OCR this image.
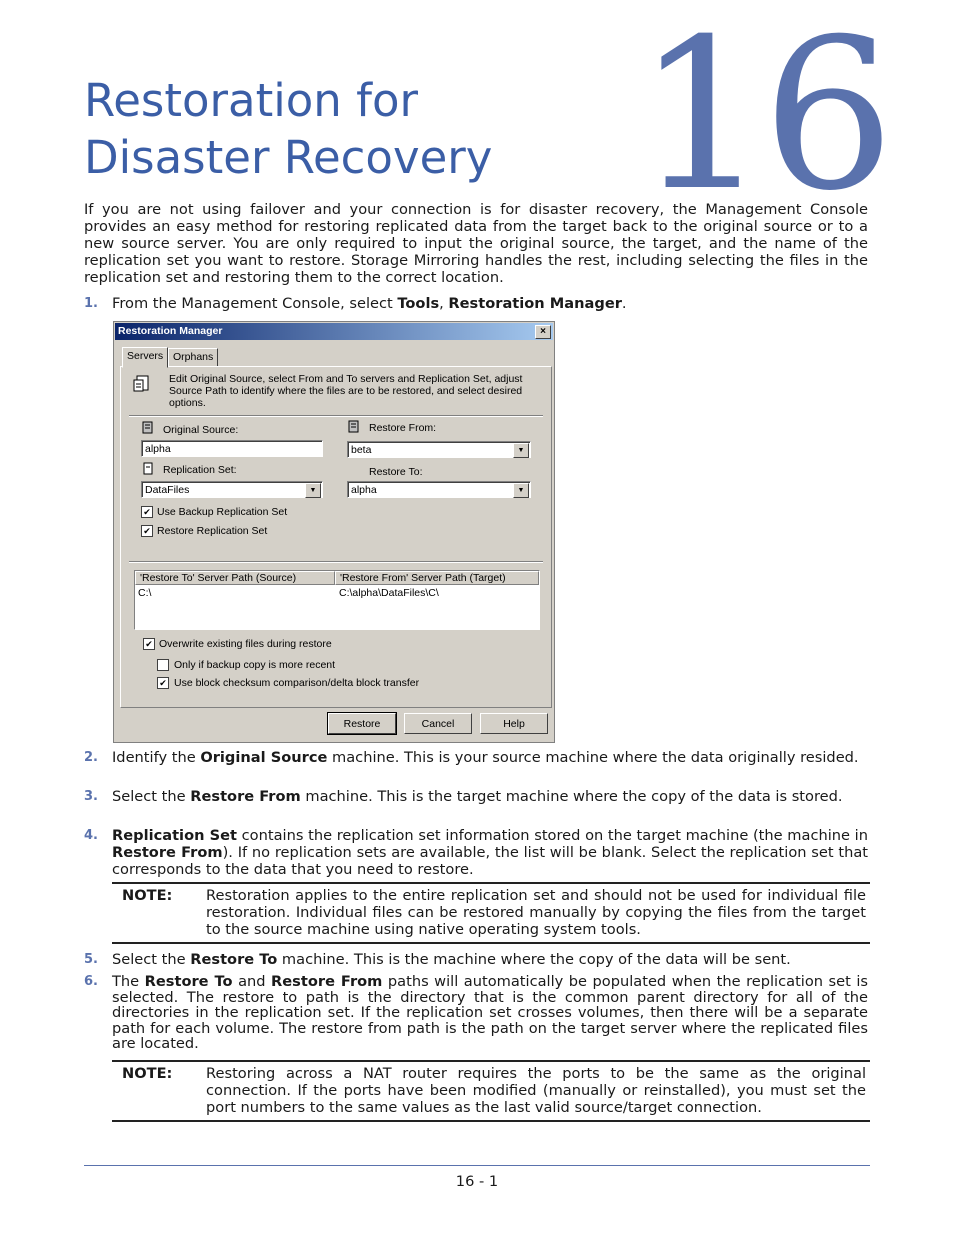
16
Restoration for
Disaster Recovery
If you are not using failover and your connection is for disaster recovery, the Management Console provides an easy method for restoring replicated data from the target back to the original source or to a new source server. You are only required to input the original source, the target, and the name of the replication set you want to restore. Storage Mirroring handles the rest, including selecting the files in the replication set and restoring them to the correct location.
1. From the Management Console, select Tools, Restoration Manager.
Restoration Manager	×
Servers Orphans
Edit Original Source, select From and To servers and Replication Set, adjust
Source Path to identify where the files are to be restored, and select desired
options.
Original Source:
alpha
Restore From:
beta	▼
Replication Set:
DataFiles	▼
Restore To:
alpha	▼
✔ Use Backup Replication Set
✔ Restore Replication Set
'Restore To' Server Path (Source)	'Restore From' Server Path (Target)
C:\	C:\alpha\DataFiles\C\
✔ Overwrite existing files during restore
Only if backup copy is more recent
✔ Use block checksum comparison/delta block transfer
Restore	Cancel	Help
2. Identify the Original Source machine. This is your source machine where the data originally resided.
3. Select the Restore From machine. This is the target machine where the copy of the data is stored.
4. Replication Set contains the replication set information stored on the target machine (the machine in Restore From). If no replication sets are available, the list will be blank. Select the replication set that corresponds to the data that you need to restore.
NOTE: Restoration applies to the entire replication set and should not be used for individual file restoration. Individual files can be restored manually by copying the files from the target to the source machine using native operating system tools.
5. Select the Restore To machine. This is the machine where the copy of the data will be sent.
6. The Restore To and Restore From paths will automatically be populated when the replication set is selected. The restore to path is the directory that is the common parent directory for all of the directories in the replication set. If the replication set crosses volumes, then there will be a separate path for each volume. The restore from path is the path on the target server where the replicated files are located.
NOTE: Restoring across a NAT router requires the ports to be the same as the original connection. If the ports have been modified (manually or reinstalled), you must set the port numbers to the same values as the last valid source/target connection.
16 - 1
